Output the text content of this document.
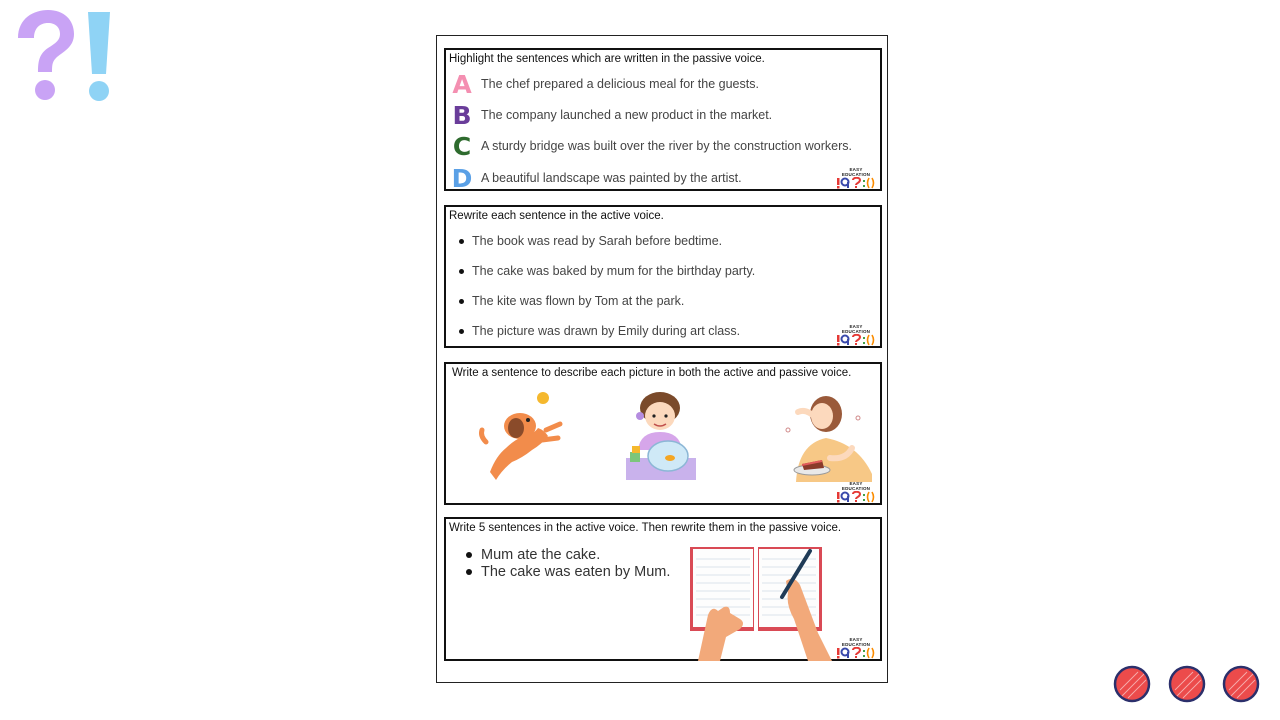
Highlight the sentences which are written in the passive voice.
A The chef prepared a delicious meal for the guests.
B The company launched a new product in the market.
C A sturdy bridge was built over the river by the construction workers.
D A beautiful landscape was painted by the artist.
EASY EDUCATION
Rewrite each sentence in the active voice.
The book was read by Sarah before bedtime.
The cake was baked by mum for the birthday party.
The kite was flown by Tom at the park.
The picture was drawn by Emily during art class.	EASY EDUCATION
Write a sentence to describe each picture in both the active and passive voice.
EASY EDUCATION
Write 5 sentences in the active voice. Then rewrite them in the passive voice.
Mum ate the cake.
The cake was eaten by Mum.
EASY EDUCATION
